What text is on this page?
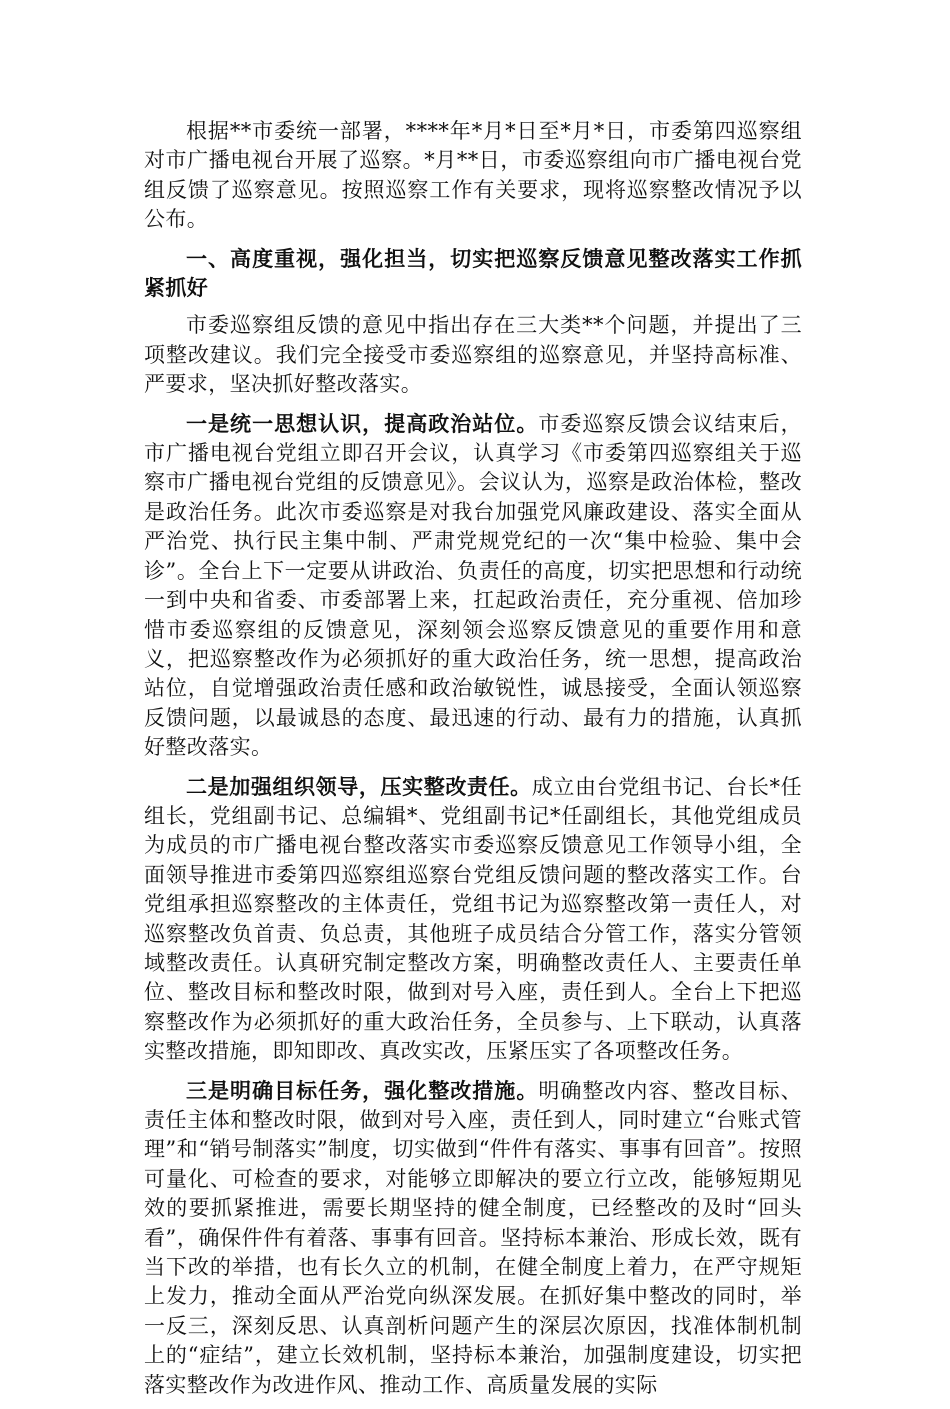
根据**市委统一部署，****年*月*日至*月*日，市委第四巡察组对市广播电视台开展了巡察。*月**日，市委巡察组向市广播电视台党组反馈了巡察意见。按照巡察工作有关要求，现将巡察整改情况予以公布。

一、高度重视，强化担当，切实把巡察反馈意见整改落实工作抓紧抓好

市委巡察组反馈的意见中指出存在三大类**个问题，并提出了三项整改建议。我们完全接受市委巡察组的巡察意见，并坚持高标准、严要求，坚决抓好整改落实。

一是统一思想认识，提高政治站位。市委巡察反馈会议结束后，市广播电视台党组立即召开会议，认真学习《市委第四巡察组关于巡察市广播电视台党组的反馈意见》。会议认为，巡察是政治体检，整改是政治任务。此次市委巡察是对我台加强党风廉政建设、落实全面从严治党、执行民主集中制、严肃党规党纪的一次“集中检验、集中会诊”。全台上下一定要从讲政治、负责任的高度，切实把思想和行动统一到中央和省委、市委部署上来，扛起政治责任，充分重视、倍加珍惜市委巡察组的反馈意见，深刻领会巡察反馈意见的重要作用和意义，把巡察整改作为必须抓好的重大政治任务，统一思想，提高政治站位，自觉增强政治责任感和政治敏锐性，诚恳接受，全面认领巡察反馈问题，以最诚恳的态度、最迅速的行动、最有力的措施，认真抓好整改落实。

二是加强组织领导，压实整改责任。成立由台党组书记、台长*任组长，党组副书记、总编辑*、党组副书记*任副组长，其他党组成员为成员的市广播电视台整改落实市委巡察反馈意见工作领导小组，全面领导推进市委第四巡察组巡察台党组反馈问题的整改落实工作。台党组承担巡察整改的主体责任，党组书记为巡察整改第一责任人，对巡察整改负首责、负总责，其他班子成员结合分管工作，落实分管领域整改责任。认真研究制定整改方案，明确整改责任人、主要责任单位、整改目标和整改时限，做到对号入座，责任到人。全台上下把巡察整改作为必须抓好的重大政治任务，全员参与、上下联动，认真落实整改措施，即知即改、真改实改，压紧压实了各项整改任务。

三是明确目标任务，强化整改措施。明确整改内容、整改目标、责任主体和整改时限，做到对号入座，责任到人，同时建立“台账式管理”和“销号制落实”制度，切实做到“件件有落实、事事有回音”。按照可量化、可检查的要求，对能够立即解决的要立行立改，能够短期见效的要抓紧推进，需要长期坚持的健全制度，已经整改的及时“回头看”，确保件件有着落、事事有回音。坚持标本兼治、形成长效，既有当下改的举措，也有长久立的机制，在健全制度上着力，在严守规矩上发力，推动全面从严治党向纵深发展。在抓好集中整改的同时，举一反三，深刻反思、认真剖析问题产生的深层次原因，找准体制机制上的“症结”，建立长效机制，坚持标本兼治，加强制度建设，切实把落实整改作为改进作风、推动工作、高质量发展的实际
